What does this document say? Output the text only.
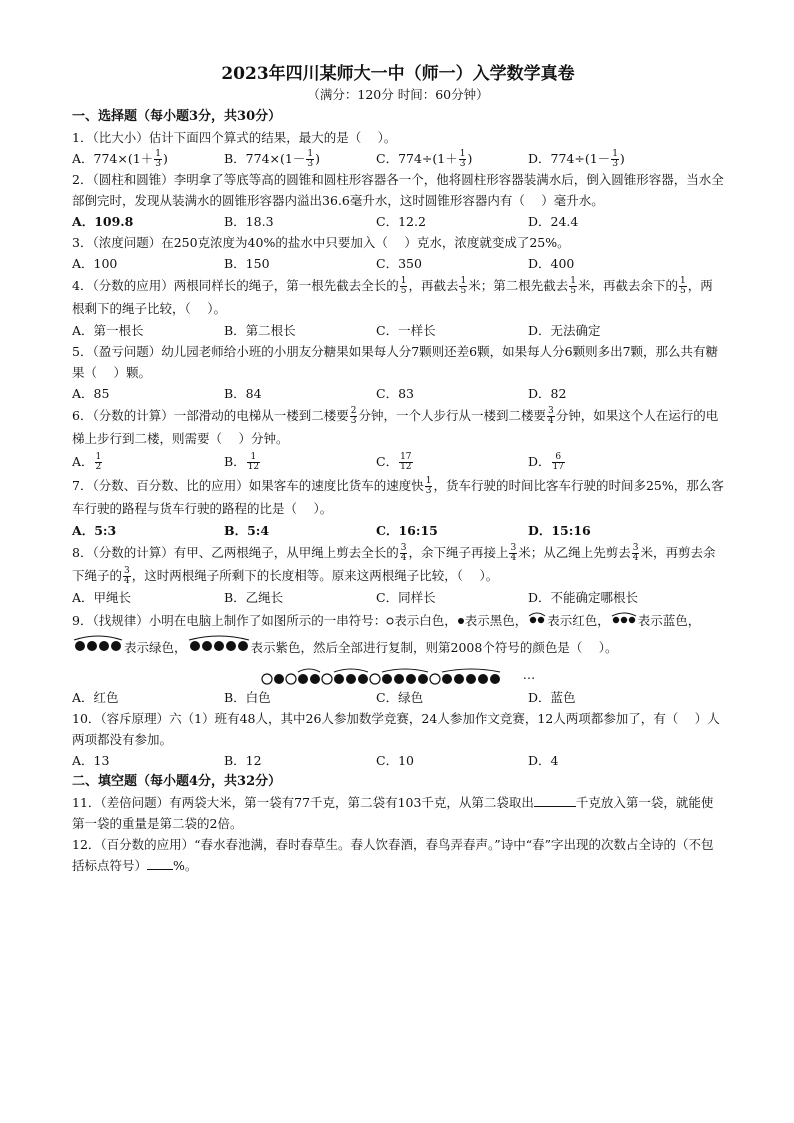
2023年四川某师大一中（师一）入学数学真卷
（满分：120分 时间：60分钟）
一、选择题（每小题3分，共30分）
1．（比大小）估计下面四个算式的结果，最大的是（　 ）。
A．$774\times(1+ \frac{1}{3}$ )	B．$774\times(1- \frac{1}{3}$ )	C．$774\div(1+ \frac{1}{3}$ )	D．$774\div(1- \frac{1}{3}$ )
2．（圆柱和圆锥）李明拿了等底等高的圆锥和圆柱形容器各一个，他将圆柱形容器装满水后，倒入圆锥形容器，当水全部倒完时，发现从装满水的圆锥形容器内溢出36.6毫升水，这时圆锥形容器内有（　 ）毫升水。
A．109.8	B．18.3	C．12.2	D．24.4
3．（浓度问题）在250克浓度为40%的盐水中只要加入（　 ）克水，浓度就变成了25%。
A．100	B．150	C．350	D．400
4．（分数的应用）两根同样长的绳子，第一根先截去全长的 $\frac{1}{5}$ ，再截去 $\frac{1}{5}$ 米；第二根先截去 $\frac{1}{5}$ 米，再截去余下的 $\frac{1}{5}$ ，两根剩下的绳子比较，（　 ）。
A．第一根长	B．第二根长	C．一样长	D．无法确定
5．（盈亏问题）幼儿园老师给小班的小朋友分糖果如果每人分7颗则还差6颗，如果每人分6颗则多出7颗，那么共有糖果（　 ）颗。
A．85	B．84	C．83	D．82
6．（分数的计算）一部滑动的电梯从一楼到二楼要 $\frac{2}{3}$ 分钟，一个人步行从一楼到二楼要 $\frac{3}{4}$ 分钟，如果这个人在运行的电梯上步行到二楼，则需要（　 ）分钟。
A． $\frac{1}{2}$	B． $\frac{1}{12}$	C． $\frac{17}{12}$	D． $\frac{6}{17}$
7．（分数、百分数、比的应用）如果客车的速度比货车的速度快 $\frac{1}{3}$ ，货车行驶的时间比客车行驶的时间多25%，那么客车行驶的路程与货车行驶的路程的比是（　 ）。
A．5:3	B．5:4	C．16:15	D．15:16
8．（分数的计算）有甲、乙两根绳子，从甲绳上剪去全长的 $\frac{3}{4}$ ，余下绳子再接上 $\frac{3}{4}$ 米；从乙绳上先剪去 $\frac{3}{4}$ 米，再剪去余下绳子的 $\frac{3}{4}$ ，这时两根绳子所剩下的长度相等。原来这两根绳子比较，（　 ）。
A．甲绳长	B．乙绳长	C．同样长	D．不能确定哪根长
9．（找规律）小明在电脑上制作了如图所示的一串符号： 表示白色， 表示黑色， 表示红色， 表示蓝色，表示绿色，	表示紫色，然后全部进行复制，则第2008个符号的颜色是（　 ）。
…
A．红色	B．白色	C．绿色	D．蓝色
10．（容斥原理）六（1）班有48人，其中26人参加数学竞赛，24人参加作文竞赛，12人两项都参加了，有（　 ）人两项都没有参加。
A．13	B．12	C．10	D．4
二、填空题（每小题4分，共32分）
11．（差倍问题）有两袋大米，第一袋有77千克，第二袋有103千克，从第二袋取出	千克放入第一袋，就能使第一袋的重量是第二袋的2倍。
12．（百分数的应用）“春水春池满，春时春草生。春人饮春酒，春鸟弄春声。”诗中“春”字出现的次数占全诗的（不包括标点符号） %。
